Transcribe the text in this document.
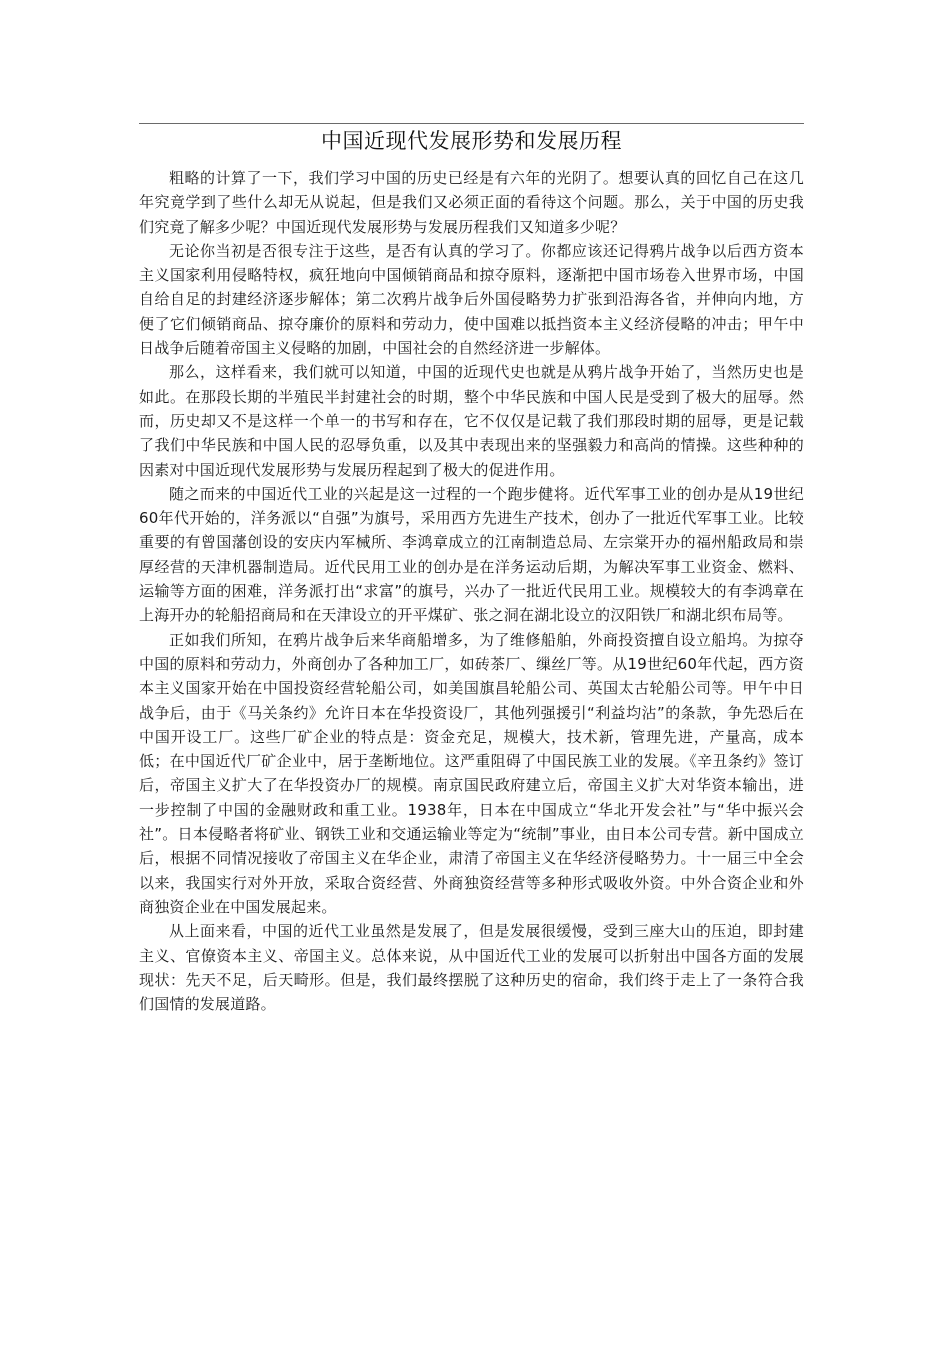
中国近现代发展形势和发展历程

粗略的计算了一下，我们学习中国的历史已经是有六年的光阴了。想要认真的回忆自己在这几年究竟学到了些什么却无从说起，但是我们又必须正面的看待这个问题。那么，关于中国的历史我们究竟了解多少呢？中国近现代发展形势与发展历程我们又知道多少呢？

无论你当初是否很专注于这些，是否有认真的学习了。你都应该还记得鸦片战争以后西方资本主义国家利用侵略特权，疯狂地向中国倾销商品和掠夺原料，逐渐把中国市场卷入世界市场，中国自给自足的封建经济逐步解体；第二次鸦片战争后外国侵略势力扩张到沿海各省，并伸向内地，方便了它们倾销商品、掠夺廉价的原料和劳动力，使中国难以抵挡资本主义经济侵略的冲击；甲午中日战争后随着帝国主义侵略的加剧，中国社会的自然经济进一步解体。

那么，这样看来，我们就可以知道，中国的近现代史也就是从鸦片战争开始了，当然历史也是如此。在那段长期的半殖民半封建社会的时期，整个中华民族和中国人民是受到了极大的屈辱。然而，历史却又不是这样一个单一的书写和存在，它不仅仅是记载了我们那段时期的屈辱，更是记载了我们中华民族和中国人民的忍辱负重，以及其中表现出来的坚强毅力和高尚的情操。这些种种的因素对中国近现代发展形势与发展历程起到了极大的促进作用。

随之而来的中国近代工业的兴起是这一过程的一个跑步健将。近代军事工业的创办是从19世纪60年代开始的，洋务派以“自强”为旗号，采用西方先进生产技术，创办了一批近代军事工业。比较重要的有曾国藩创设的安庆内军械所、李鸿章成立的江南制造总局、左宗棠开办的福州船政局和崇厚经营的天津机器制造局。近代民用工业的创办是在洋务运动后期，为解决军事工业资金、燃料、运输等方面的困难，洋务派打出“求富”的旗号，兴办了一批近代民用工业。规模较大的有李鸿章在上海开办的轮船招商局和在天津设立的开平煤矿、张之洞在湖北设立的汉阳铁厂和湖北织布局等。

正如我们所知，在鸦片战争后来华商船增多，为了维修船舶，外商投资擅自设立船坞。为掠夺中国的原料和劳动力，外商创办了各种加工厂，如砖茶厂、缫丝厂等。从19世纪60年代起，西方资本主义国家开始在中国投资经营轮船公司，如美国旗昌轮船公司、英国太古轮船公司等。甲午中日战争后，由于《马关条约》允许日本在华投资设厂，其他列强援引“利益均沾”的条款，争先恐后在中国开设工厂。这些厂矿企业的特点是：资金充足，规模大，技术新，管理先进，产量高，成本低；在中国近代厂矿企业中，居于垄断地位。这严重阻碍了中国民族工业的发展。《辛丑条约》签订后，帝国主义扩大了在华投资办厂的规模。南京国民政府建立后，帝国主义扩大对华资本输出，进一步控制了中国的金融财政和重工业。1938年，日本在中国成立“华北开发会社”与“华中振兴会社”。日本侵略者将矿业、钢铁工业和交通运输业等定为“统制”事业，由日本公司专营。新中国成立后，根据不同情况接收了帝国主义在华企业，肃清了帝国主义在华经济侵略势力。十一届三中全会以来，我国实行对外开放，采取合资经营、外商独资经营等多种形式吸收外资。中外合资企业和外商独资企业在中国发展起来。

从上面来看，中国的近代工业虽然是发展了，但是发展很缓慢，受到三座大山的压迫，即封建主义、官僚资本主义、帝国主义。总体来说，从中国近代工业的发展可以折射出中国各方面的发展现状：先天不足，后天畸形。但是，我们最终摆脱了这种历史的宿命，我们终于走上了一条符合我们国情的发展道路。
